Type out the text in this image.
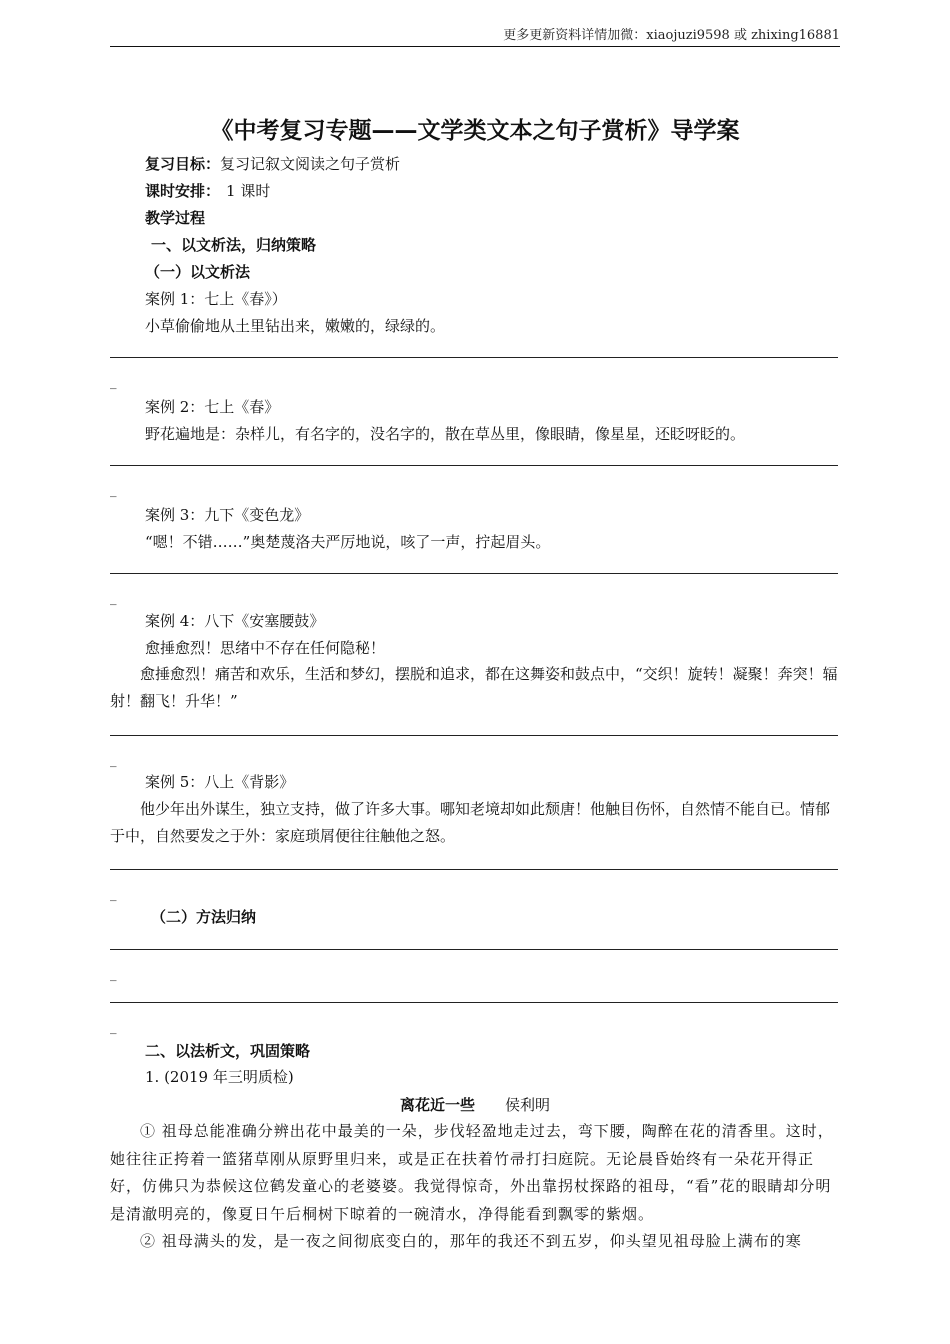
更多更新资料详情加微：xiaojuzi9598 或 zhixing16881
《中考复习专题——文学类文本之句子赏析》导学案
复习目标：复习记叙文阅读之句子赏析
课时安排： 1 课时
教学过程
一、以文析法，归纳策略
（一）以文析法
案例 1：七上《春》）
小草偷偷地从土里钻出来，嫩嫩的，绿绿的。
_
案例 2：七上《春》
野花遍地是：杂样儿，有名字的，没名字的，散在草丛里，像眼睛，像星星，还眨呀眨的。
_
案例 3：九下《变色龙》
“嗯！不错……”奥楚蔑洛夫严厉地说，咳了一声，拧起眉头。
_
案例 4：八下《安塞腰鼓》
愈捶愈烈！思绪中不存在任何隐秘！
愈捶愈烈！痛苦和欢乐，生活和梦幻，摆脱和追求，都在这舞姿和鼓点中，“交织！旋转！凝聚！奔突！辐射！翻飞！升华！”
_
案例 5：八上《背影》
他少年出外谋生，独立支持，做了许多大事。哪知老境却如此颓唐！他触目伤怀，自然情不能自已。情郁于中，自然要发之于外：家庭琐屑便往往触他之怒。
_
（二）方法归纳
_
_
二、以法析文，巩固策略
1. (2019 年三明质检)
离花近一些 侯利明
① 祖母总能准确分辨出花中最美的一朵，步伐轻盈地走过去，弯下腰，陶醉在花的清香里。这时，她往往正挎着一篮猪草刚从原野里归来，或是正在扶着竹帚打扫庭院。无论晨昏始终有一朵花开得正好，仿佛只为恭候这位鹤发童心的老婆婆。我觉得惊奇，外出靠拐杖探路的祖母，“看”花的眼睛却分明是清澈明亮的，像夏日午后桐树下晾着的一碗清水，净得能看到飘零的紫烟。
② 祖母满头的发，是一夜之间彻底变白的，那年的我还不到五岁，仰头望见祖母脸上满布的寒
